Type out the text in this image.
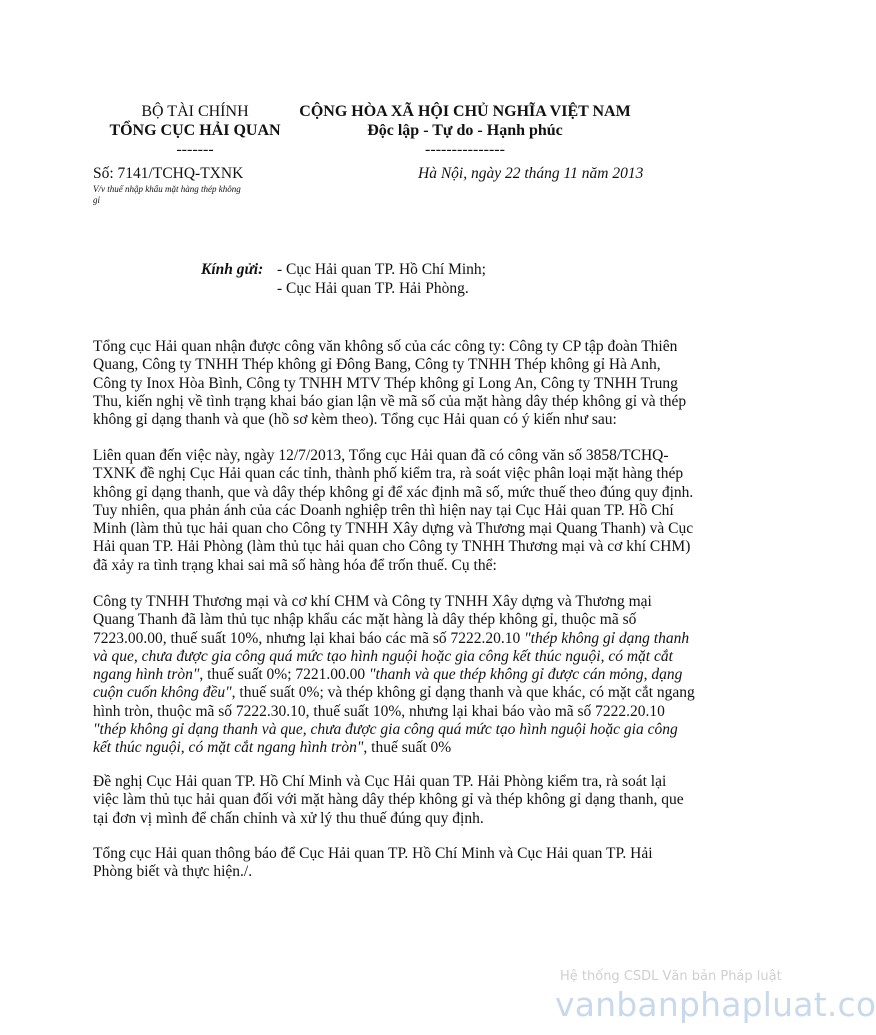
BỘ TÀI CHÍNH
TỔNG CỤC HẢI QUAN
-------
CỘNG HÒA XÃ HỘI CHỦ NGHĨA VIỆT NAM
Độc lập - Tự do - Hạnh phúc
---------------
Số: 7141/TCHQ-TXNK
V/v thuế nhập khẩu mặt hàng thép không
gỉ
Hà Nội, ngày 22 tháng 11 năm 2013
Kính gửi: - Cục Hải quan TP. Hồ Chí Minh;
- Cục Hải quan TP. Hải Phòng.
Tổng cục Hải quan nhận được công văn không số của các công ty: Công ty CP tập đoàn Thiên
Quang, Công ty TNHH Thép không gỉ Đông Bang, Công ty TNHH Thép không gỉ Hà Anh,
Công ty Inox Hòa Bình, Công ty TNHH MTV Thép không gỉ Long An, Công ty TNHH Trung
Thu, kiến nghị về tình trạng khai báo gian lận về mã số của mặt hàng dây thép không gỉ và thép
không gỉ dạng thanh và que (hồ sơ kèm theo). Tổng cục Hải quan có ý kiến như sau:
Liên quan đến việc này, ngày 12/7/2013, Tổng cục Hải quan đã có công văn số 3858/TCHQ-
TXNK đề nghị Cục Hải quan các tỉnh, thành phố kiểm tra, rà soát việc phân loại mặt hàng thép
không gỉ dạng thanh, que và dây thép không gỉ để xác định mã số, mức thuế theo đúng quy định.
Tuy nhiên, qua phản ánh của các Doanh nghiệp trên thì hiện nay tại Cục Hải quan TP. Hồ Chí
Minh (làm thủ tục hải quan cho Công ty TNHH Xây dựng và Thương mại Quang Thanh) và Cục
Hải quan TP. Hải Phòng (làm thủ tục hải quan cho Công ty TNHH Thương mại và cơ khí CHM)
đã xảy ra tình trạng khai sai mã số hàng hóa để trốn thuế. Cụ thể:
Công ty TNHH Thương mại và cơ khí CHM và Công ty TNHH Xây dựng và Thương mại
Quang Thanh đã làm thủ tục nhập khẩu các mặt hàng là dây thép không gỉ, thuộc mã số
7223.00.00, thuế suất 10%, nhưng lại khai báo các mã số 7222.20.10 "thép không gỉ dạng thanh
và que, chưa được gia công quá mức tạo hình nguội hoặc gia công kết thúc nguội, có mặt cắt
ngang hình tròn", thuế suất 0%; 7221.00.00 "thanh và que thép không gỉ được cán mỏng, dạng
cuộn cuốn không đều", thuế suất 0%; và thép không gỉ dạng thanh và que khác, có mặt cắt ngang
hình tròn, thuộc mã số 7222.30.10, thuế suất 10%, nhưng lại khai báo vào mã số 7222.20.10
"thép không gỉ dạng thanh và que, chưa được gia công quá mức tạo hình nguội hoặc gia công
kết thúc nguội, có mặt cắt ngang hình tròn", thuế suất 0%
Đề nghị Cục Hải quan TP. Hồ Chí Minh và Cục Hải quan TP. Hải Phòng kiểm tra, rà soát lại
việc làm thủ tục hải quan đối với mặt hàng dây thép không gỉ và thép không gỉ dạng thanh, que
tại đơn vị mình để chấn chỉnh và xử lý thu thuế đúng quy định.
Tổng cục Hải quan thông báo để Cục Hải quan TP. Hồ Chí Minh và Cục Hải quan TP. Hải
Phòng biết và thực hiện./.
Hệ thống CSDL Văn bản Pháp luật
vanbanphapluat.co
